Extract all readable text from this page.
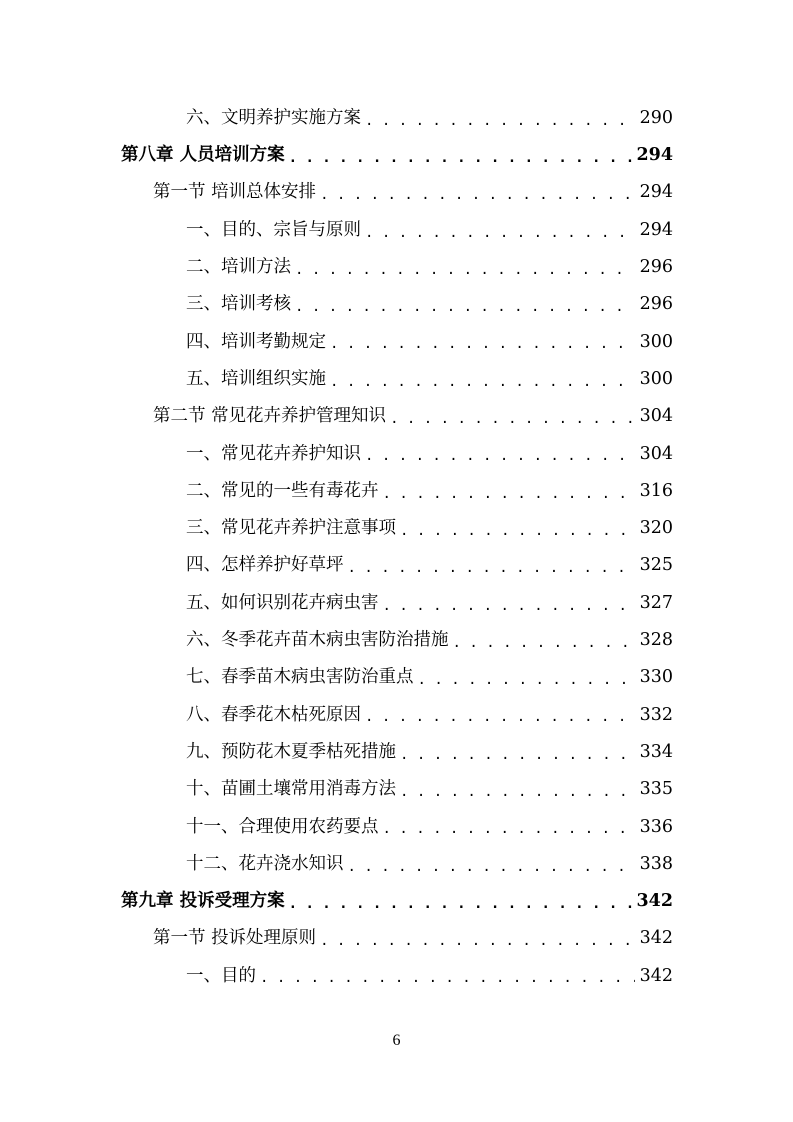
六、文明养护实施方案 . . .	290
第八章 人员培训方案 . . .	294
第一节 培训总体安排 . . .	294
一、目的、宗旨与原则 . . .	294
二、培训方法 . . .	296
三、培训考核 . . .	296
四、培训考勤规定 . . .	300
五、培训组织实施 . . .	300
第二节 常见花卉养护管理知识 . . .	304
一、常见花卉养护知识 . . .	304
二、常见的一些有毒花卉 . . .	316
三、常见花卉养护注意事项 . . .	320
四、怎样养护好草坪 . . .	325
五、如何识别花卉病虫害 . . .	327
六、冬季花卉苗木病虫害防治措施 . . .	328
七、春季苗木病虫害防治重点 . . .	330
八、春季花木枯死原因 . . .	332
九、预防花木夏季枯死措施 . . .	334
十、苗圃土壤常用消毒方法 . . .	335
十一、合理使用农药要点 . . .	336
十二、花卉浇水知识 . . .	338
第九章 投诉受理方案 . . .	342
第一节 投诉处理原则 . . .	342
一、目的 . . .	342
6
